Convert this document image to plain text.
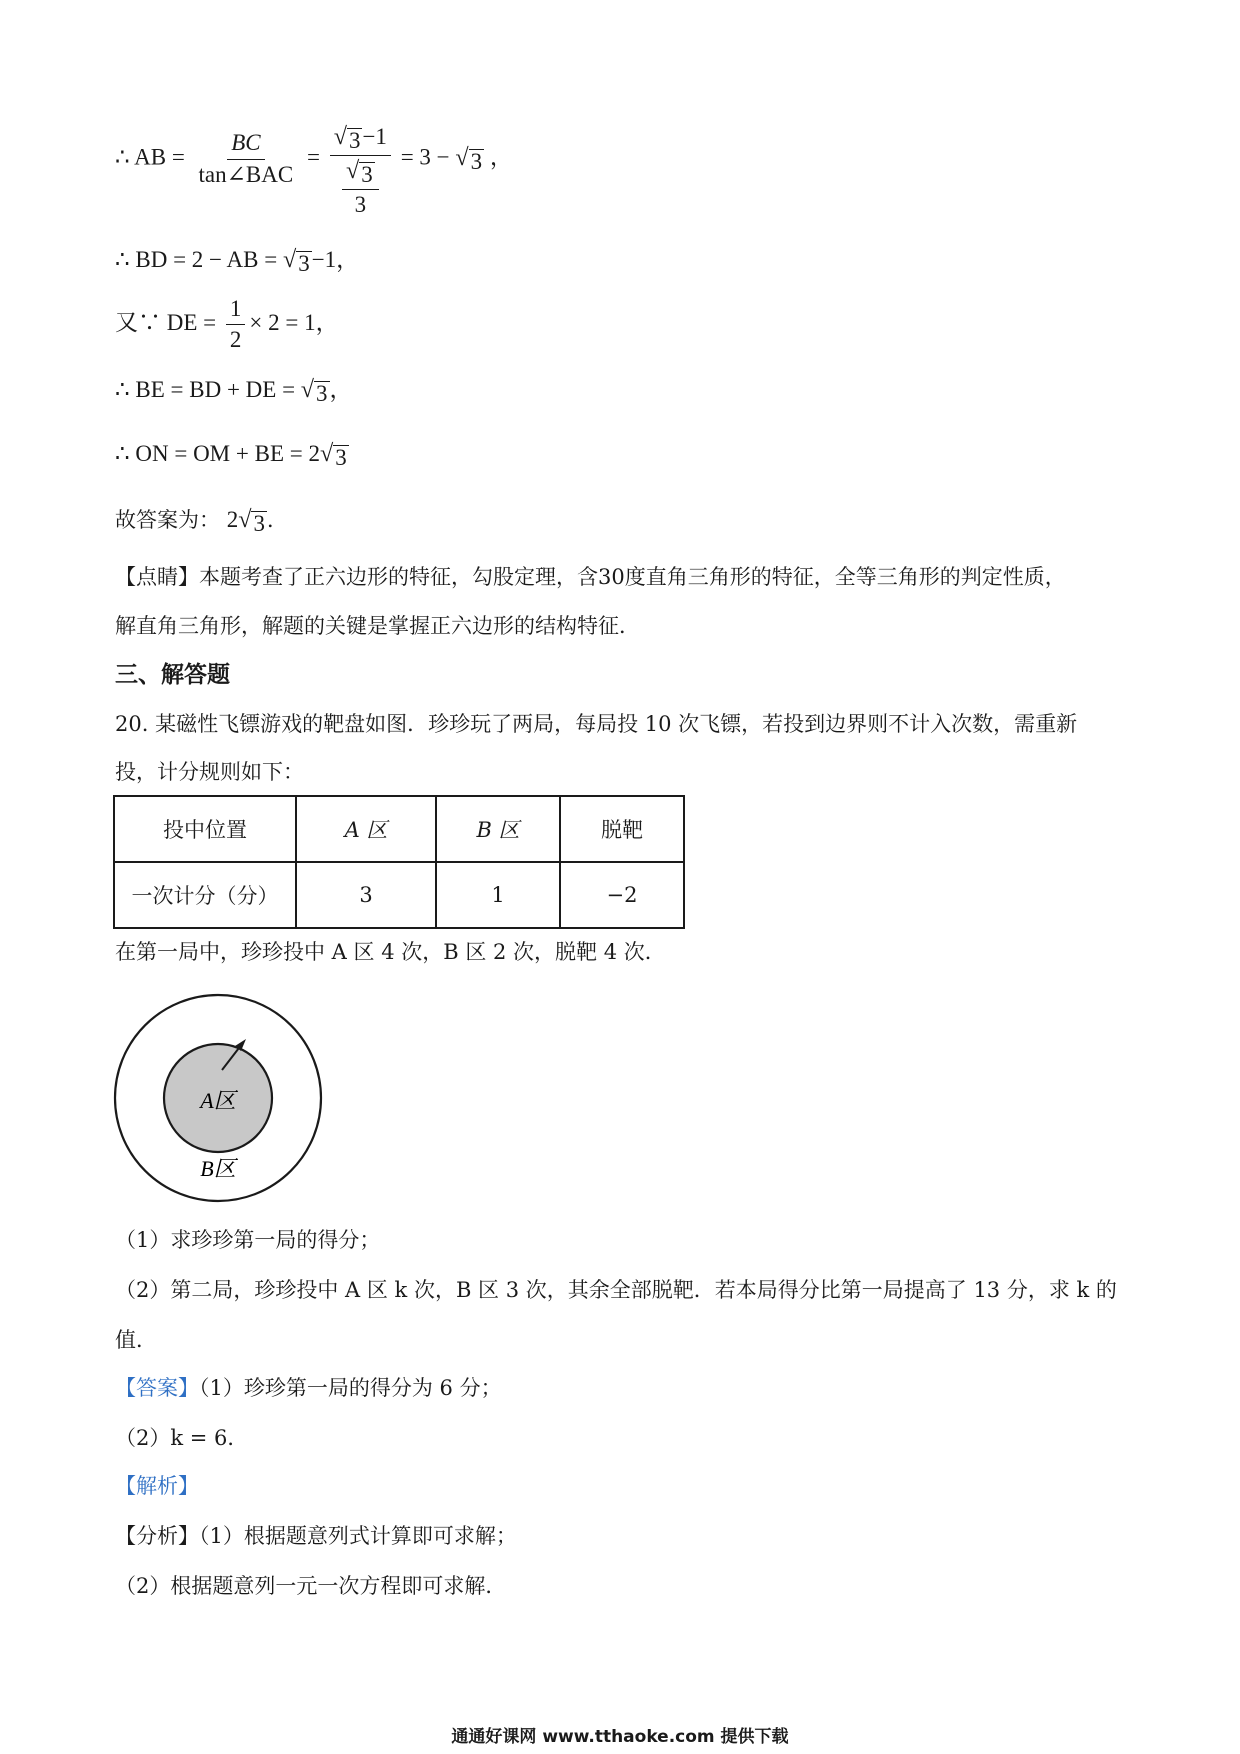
∴ AB = $\frac{BC}{\text{tan∠BAC}} = \frac{√ 3 -1}{\frac{√ 3}{3}} = 3$ − √ 3 ，
∴ BD = 2 − AB = √ 3 −1，
又∵ DE = $\frac{1}{2} \times 2 = 1$，
∴ BE = BD + DE = √ 3 ，
∴ ON = OM + BE = 2 √ 3
故答案为： 2 √ 3 ．
【点睛】本题考查了正六边形的特征，勾股定理，含30度直角三角形的特征，全等三角形的判定性质，
解直角三角形，解题的关键是掌握正六边形的结构特征．
三、解答题
20. 某磁性飞镖游戏的靶盘如图．珍珍玩了两局，每局投 10 次飞镖，若投到边界则不计入次数，需重新
投，计分规则如下：
投中位置	A 区	B 区	脱靶
一次计分（分）	3	1	−2
在第一局中，珍珍投中 A 区 4 次，B 区 2 次，脱靶 4 次．
A区
B区
（1）求珍珍第一局的得分；
（2）第二局，珍珍投中 A 区 k 次，B 区 3 次，其余全部脱靶．若本局得分比第一局提高了 13 分，求 k 的
值．
【答案】（1）珍珍第一局的得分为 6 分；
（2）k = 6．
【解析】
【分析】（1）根据题意列式计算即可求解；
（2）根据题意列一元一次方程即可求解．
通通好课网 www.tthaoke.com 提供下载
